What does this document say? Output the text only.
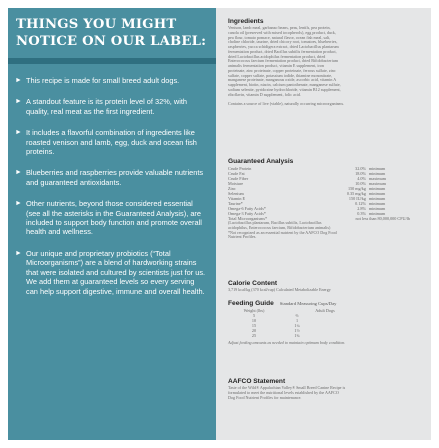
THINGS YOU MIGHT
NOTICE ON OUR LABEL:
► This recipe is made for small breed adult dogs.
► A standout feature is its protein level of 32%, with quality, real meat as the first ingredient.
► It includes a flavorful combination of ingredients like roasted venison and lamb, egg, duck and ocean fish proteins.
► Blueberries and raspberries provide valuable nutrients and guaranteed antioxidants.
► Other nutrients, beyond those considered essential (see all the asterisks in the Guaranteed Analysis), are included to support body function and promote overall health and wellness.
► Our unique and proprietary probiotics (“Total Microorganisms”) are a blend of hardworking strains that were isolated and cultured by scientists just for us. We add them at guaranteed levels so every serving can help support digestive, immune and overall health.

Ingredients

Venison, lamb meal, garbanzo beans, peas, lentils, pea protein,

canola oil (preserved with mixed tocopherols), egg product, duck,

pea flour, tomato pomace, natural flavor, ocean fish meal, salt,

choline chloride, taurine, dried chicory root, tomatoes, blueberries,

raspberries, yucca schidigera extract, dried Lactobacillus plantarum

fermentation product, dried Bacillus subtilis fermentation product,

dried Lactobacillus acidophilus fermentation product, dried

Enterococcus faecium fermentation product, dried Bifidobacterium

animalis fermentation product, vitamin E supplement, iron

proteinate, zinc proteinate, copper proteinate, ferrous sulfate, zinc

sulfate, copper sulfate, potassium iodide, thiamine mononitrate,

manganese proteinate, manganous oxide, ascorbic acid, vitamin A

supplement, biotin, niacin, calcium pantothenate, manganese sulfate,

sodium selenite, pyridoxine hydrochloride, vitamin B12 supplement,

riboflavin, vitamin D supplement, folic acid.

Contains a source of live (viable), naturally occurring microorganisms.

Guaranteed Analysis

Crude Protein	32.0% minimum
Crude Fat	18.0% minimum
Crude Fiber	4.0% maximum
Moisture	10.0% maximum
Zinc	150 mg/kg minimum
Selenium	0.35 mg/kg minimum
Vitamin E	150 IU/kg minimum
Taurine*	0.12% minimum
Omega-6 Fatty Acids*	2.8% minimum
Omega-3 Fatty Acids*	0.3% minimum
Total Microorganisms*	not less than 80,000,000 CFU/lb

(Lactobacillus plantarum, Bacillus subtilis, Lactobacillus

acidophilus, Enterococcus faecium, Bifidobacterium animalis)

*Not recognized as an essential nutrient by the AAFCO Dog Food

Nutrient Profiles.

Calorie Content

3,719 kcal/kg (370 kcal/cup) Calculated Metabolizable Energy

Feeding Guide Standard Measuring Cups/Day
Weight (lbs)	Adult Dogs
5	⅔
10	1
15	1¼
20	1½
25	1¾

Adjust feeding amounts as needed to maintain optimum body condition.

AAFCO Statement

Taste of the Wild® Appalachian Valley® Small Breed Canine Recipe is

formulated to meet the nutritional levels established by the AAFCO

Dog Food Nutrient Profiles for maintenance.
